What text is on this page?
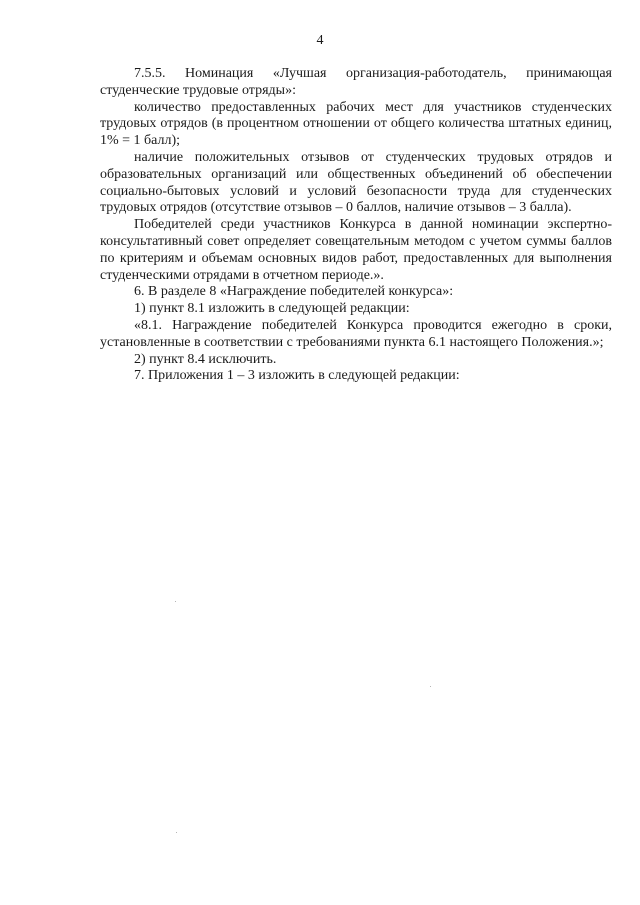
4

7.5.5. Номинация «Лучшая организация-работодатель, принимающая студенческие трудовые отряды»:

количество предоставленных рабочих мест для участников студенческих трудовых отрядов (в процентном отношении от общего количества штатных единиц, 1% = 1 балл);

наличие положительных отзывов от студенческих трудовых отрядов и образовательных организаций или общественных объединений об обеспечении социально-бытовых условий и условий безопасности труда для студенческих трудовых отрядов (отсутствие отзывов – 0 баллов, наличие отзывов – 3 балла).

Победителей среди участников Конкурса в данной номинации экспертно-консультативный совет определяет совещательным методом с учетом суммы баллов по критериям и объемам основных видов работ, предоставленных для выполнения студенческими отрядами в отчетном периоде.».

6. В разделе 8 «Награждение победителей конкурса»:

1) пункт 8.1 изложить в следующей редакции:

«8.1. Награждение победителей Конкурса проводится ежегодно в сроки, установленные в соответствии с требованиями пункта 6.1 настоящего Положения.»;

2) пункт 8.4 исключить.

7. Приложения 1 – 3 изложить в следующей редакции:
